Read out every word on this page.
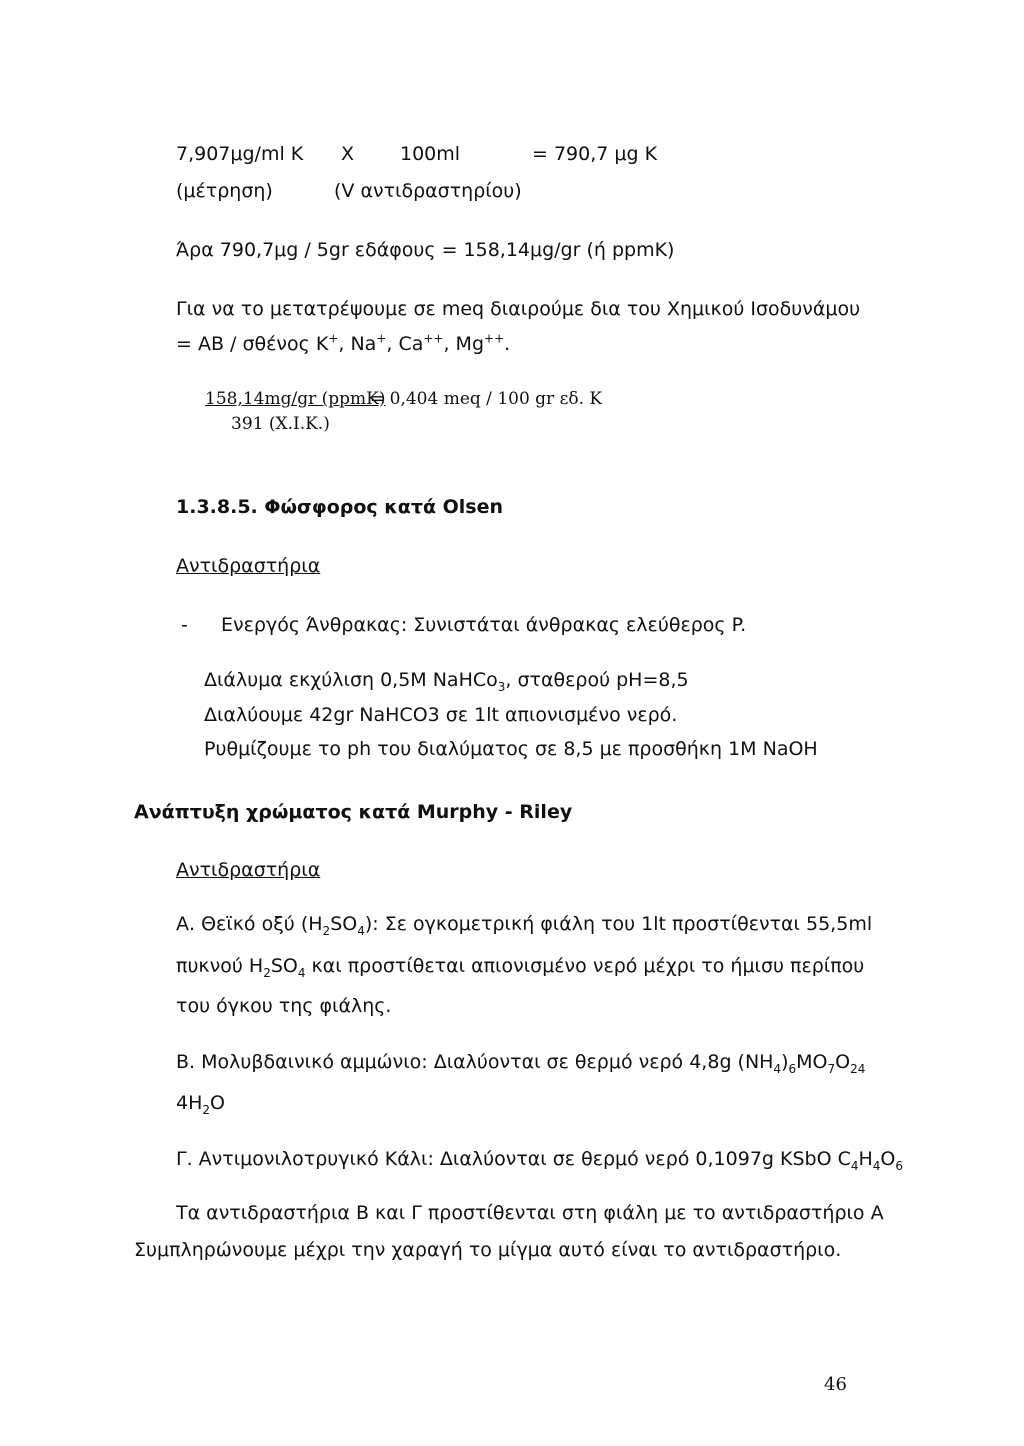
7,907μg/ml K X 100ml	= 790,7 μg K
(μέτρηση)	(V αντιδραστηρίου)
Άρα 790,7μg / 5gr εδάφους = 158,14μg/gr (ή ppmK)
Για να το μετατρέψουμε σε meq διαιρούμε δια του Χημικού Ισοδυνάμου
= ΑΒ / σθένος K+, Na+, Ca++, Mg++.
158,14mg/gr (ppmK)
= 0,404 meq / 100 gr εδ. Κ
391 (X.I.K.)
1.3.8.5. Φώσφορος κατά Olsen
Αντιδραστήρια
- Ενεργός Άνθρακας: Συνιστάται άνθρακας ελεύθερος P.
Διάλυμα εκχύλιση 0,5M NaHCo$_3$, σταθερού pH=8,5
Διαλύουμε 42gr NaHCO3 σε 1lt απιονισμένο νερό.
Ρυθμίζουμε το ph του διαλύματος σε 8,5 με προσθήκη 1M NaOH
Ανάπτυξη χρώματος κατά Murphy - Riley
Αντιδραστήρια
Α. Θεϊκό οξύ $(H_2SO_4)$: Σε ογκομετρική φιάλη του 1lt προστίθενται 55,5ml
πυκνού $H_2SO_4$ και προστίθεται απιονισμένο νερό μέχρι το ήμισυ περίπου
του όγκου της φιάλης.
Β. Μολυβδαινικό αμμώνιο: Διαλύονται σε θερμό νερό 4,8g $(NH_4)_6MO_7O_{24}$
$4H_2O$
Γ. Αντιμονιλοτρυγικό Κάλι: Διαλύονται σε θερμό νερό 0,1097g KSbO $C_4H_4O_6$
Τα αντιδραστήρια Β και Γ προστίθενται στη φιάλη με το αντιδραστήριο Α
Συμπληρώνουμε μέχρι την χαραγή το μίγμα αυτό είναι το αντιδραστήριο.
46
